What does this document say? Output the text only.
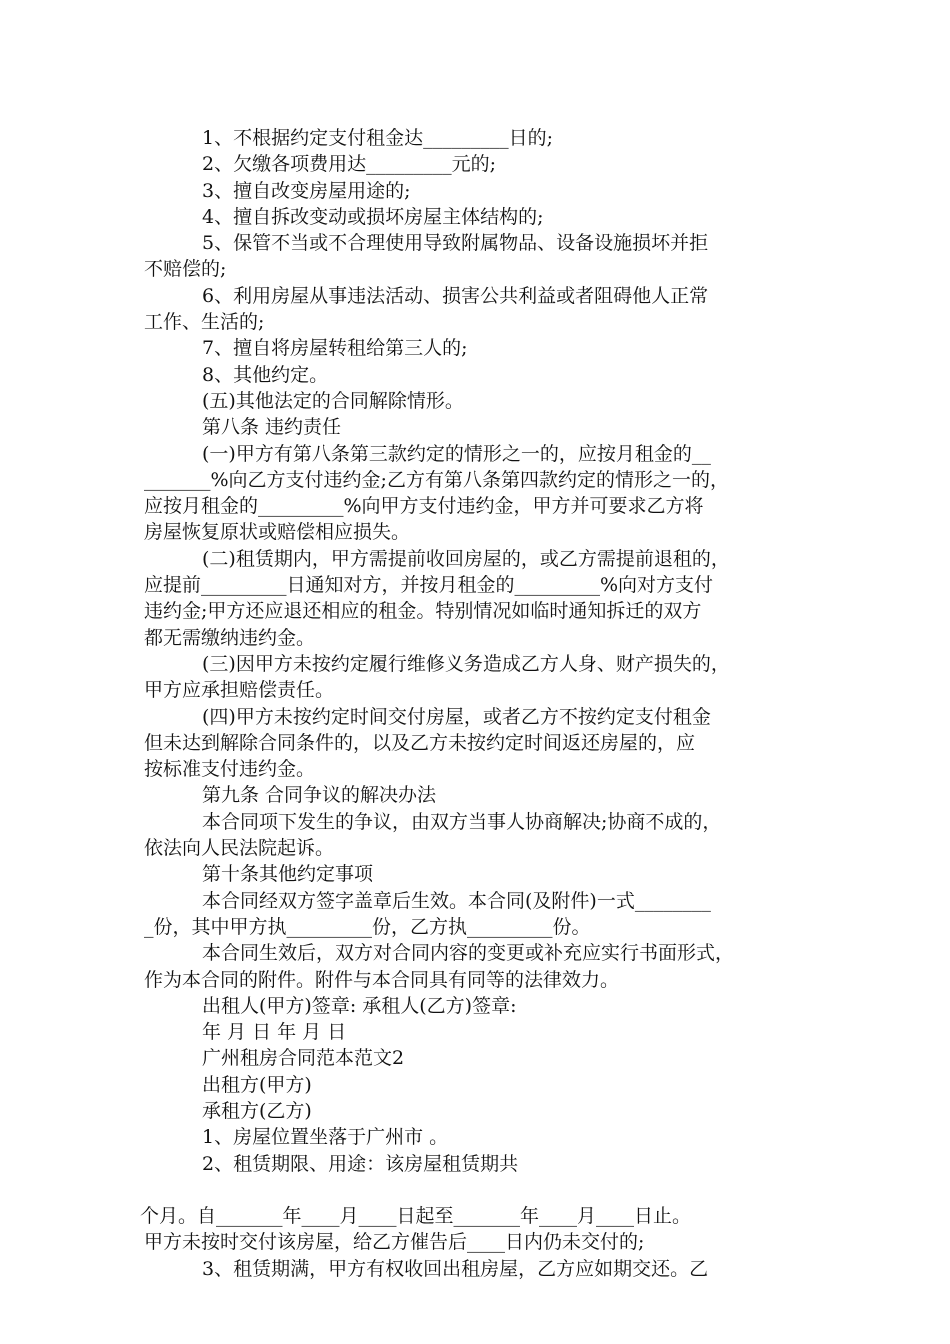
1、不根据约定支付租金达_________日的;
2、欠缴各项费用达_________元的;
3、擅自改变房屋用途的;
4、擅自拆改变动或损坏房屋主体结构的;
5、保管不当或不合理使用导致附属物品、设备设施损坏并拒
不赔偿的;
6、利用房屋从事违法活动、损害公共利益或者阻碍他人正常
工作、生活的;
7、擅自将房屋转租给第三人的;
8、其他约定。
(五)其他法定的合同解除情形。
第八条 违约责任
(一)甲方有第八条第三款约定的情形之一的，应按月租金的__
_______%向乙方支付违约金;乙方有第八条第四款约定的情形之一的，
应按月租金的_________%向甲方支付违约金，甲方并可要求乙方将
房屋恢复原状或赔偿相应损失。
(二)租赁期内，甲方需提前收回房屋的，或乙方需提前退租的，
应提前_________日通知对方，并按月租金的_________%向对方支付
违约金;甲方还应退还相应的租金。特别情况如临时通知拆迁的双方
都无需缴纳违约金。
(三)因甲方未按约定履行维修义务造成乙方人身、财产损失的，
甲方应承担赔偿责任。
(四)甲方未按约定时间交付房屋，或者乙方不按约定支付租金
但未达到解除合同条件的，以及乙方未按约定时间返还房屋的，应
按标准支付违约金。
第九条 合同争议的解决办法
本合同项下发生的争议，由双方当事人协商解决;协商不成的，
依法向人民法院起诉。
第十条其他约定事项
本合同经双方签字盖章后生效。本合同(及附件)一式________
_份，其中甲方执_________份，乙方执_________份。
本合同生效后，双方对合同内容的变更或补充应实行书面形式，
作为本合同的附件。附件与本合同具有同等的法律效力。
出租人(甲方)签章: 承租人(乙方)签章:
年 月 日 年 月 日
广州租房合同范本范文2
出租方(甲方)
承租方(乙方)
1、房屋位置坐落于广州市 。
2、租赁期限、用途：该房屋租赁期共
个月。自_______年____月____日起至_______年____月____日止。
甲方未按时交付该房屋，给乙方催告后____日内仍未交付的;
3、租赁期满，甲方有权收回出租房屋，乙方应如期交还。乙
